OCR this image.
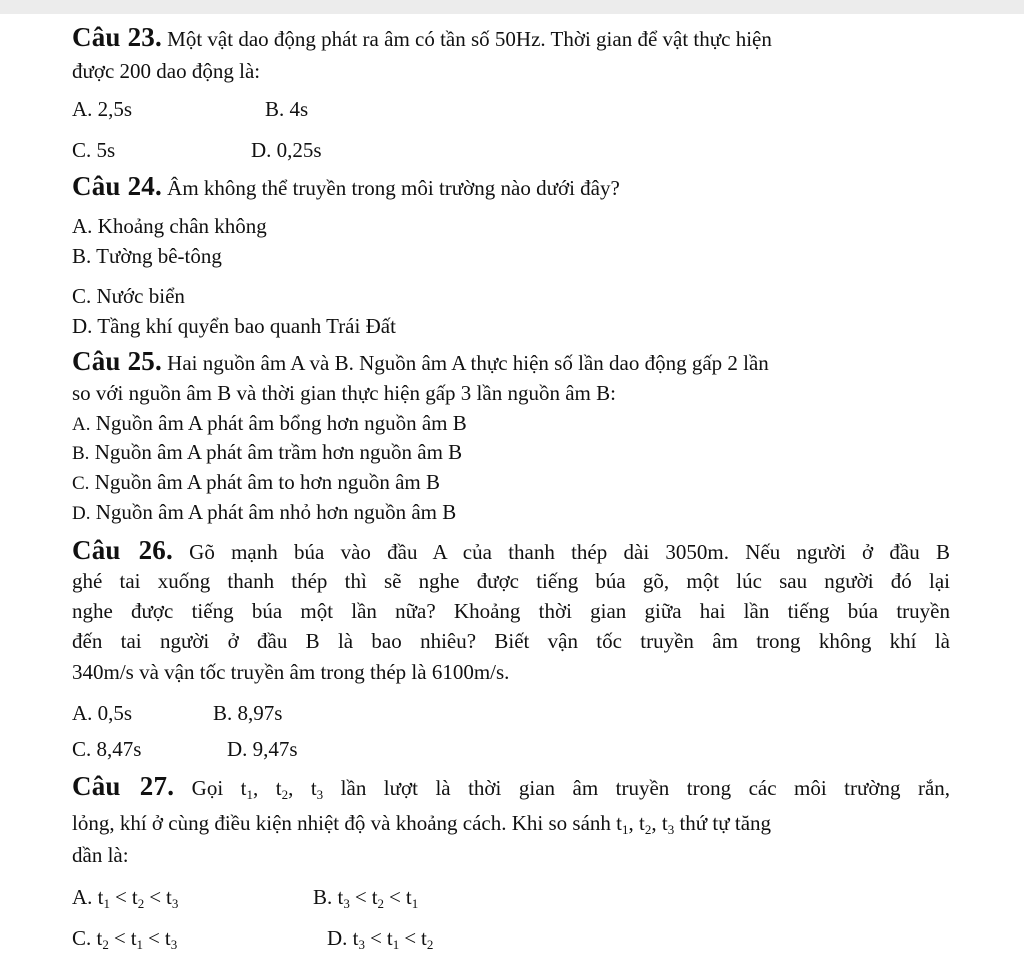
Câu 23. Một vật dao động phát ra âm có tần số 50Hz. Thời gian để vật thực hiện
được 200 dao động là:
A. 2,5s	B. 4s
C. 5s	D. 0,25s
Câu 24. Âm không thể truyền trong môi trường nào dưới đây?
A. Khoảng chân không
B. Tường bê-tông
C. Nước biển
D. Tầng khí quyển bao quanh Trái Đất
Câu 25. Hai nguồn âm A và B. Nguồn âm A thực hiện số lần dao động gấp 2 lần
so với nguồn âm B và thời gian thực hiện gấp 3 lần nguồn âm B:
A. Nguồn âm A phát âm bổng hơn nguồn âm B
B. Nguồn âm A phát âm trầm hơn nguồn âm B
C. Nguồn âm A phát âm to hơn nguồn âm B
D. Nguồn âm A phát âm nhỏ hơn nguồn âm B
Câu 26. Gõ mạnh búa vào đầu A của thanh thép dài 3050m. Nếu người ở đầu B
ghé tai xuống thanh thép thì sẽ nghe được tiếng búa gõ, một lúc sau người đó lại
nghe được tiếng búa một lần nữa? Khoảng thời gian giữa hai lần tiếng búa truyền
đến tai người ở đầu B là bao nhiêu? Biết vận tốc truyền âm trong không khí là
340m/s và vận tốc truyền âm trong thép là 6100m/s.
A. 0,5s	B. 8,97s
C. 8,47s	D. 9,47s
Câu 27. Gọi $t_1$, $t_2$, $t_3$ lần lượt là thời gian âm truyền trong các môi trường rắn,
lỏng, khí ở cùng điều kiện nhiệt độ và khoảng cách. Khi so sánh $t_1$, $t_2$, $t_3$ thứ tự tăng
dần là:
A. $t_1 < t_2 < t_3$	B. $t_3 < t_2 < t_1$
C. $t_2 < t_1 < t_3$	D. $t_3 < t_1 < t_2$
